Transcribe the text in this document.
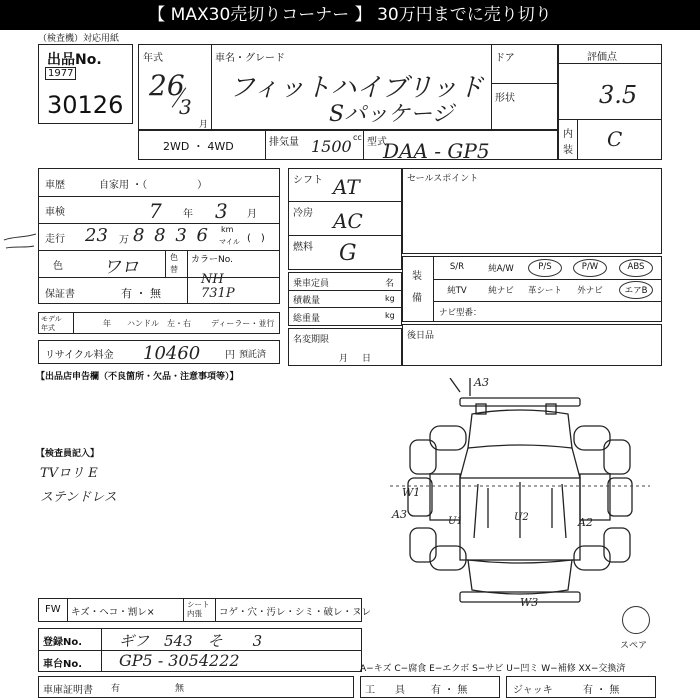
【 MAX30売切りコーナー 】 30万円までに売り切り
（検査機）対応用紙
出品No.
1977
30126
年式
26
3
月
車名・グレード
フィットハイブリッド
Sパッケージ
ドア
形状
評価点
3.5
内
装 C
2WD ・ 4WD	排気量 1500 cc 型式
DAA - GP5
車歴	自家用 ・（　　　　　）
車検	7 年 3 月
走行 23 万 8 8 3 6 km
マイル (　)
色 ワロ	色
替
カラーNo.
NH 731P
保証書	有 ・ 無
モデル
年式	年 ハンドル　左・右	ディーラー・並行
リサイクル料金 10460 円 預託済
シフト AT
冷房 AC
燃料 G
乗車定員	名
積載量	kg
総重量	kg
名変期限
月日
セールスポイント
装
備
S/R	純A/W	P/S	P/W	ABS
純TV	純ナビ	革シート	外ナビ	エアB
ナビ型番：
後日品
【出品店申告欄（不良箇所・欠品・注意事項等）】
【検査員記入】
TVロリ E
ステンドレス
A3
W1
A3
U1	U2	A2
W3
FW キズ・ヘコ・割レ×
シート内張	コゲ・穴・汚レ・シミ・破レ・ヌレ
スペア
登録No. ギフ　543　そ　　3
車台No. GP5 - 3054222	A−キズ C−腐食 E−エクボ S−サビ U−凹ミ W−補修 XX−交換済
車庫証明書 有	無	工　　具	有 ・ 無	ジャッキ	有 ・ 無
